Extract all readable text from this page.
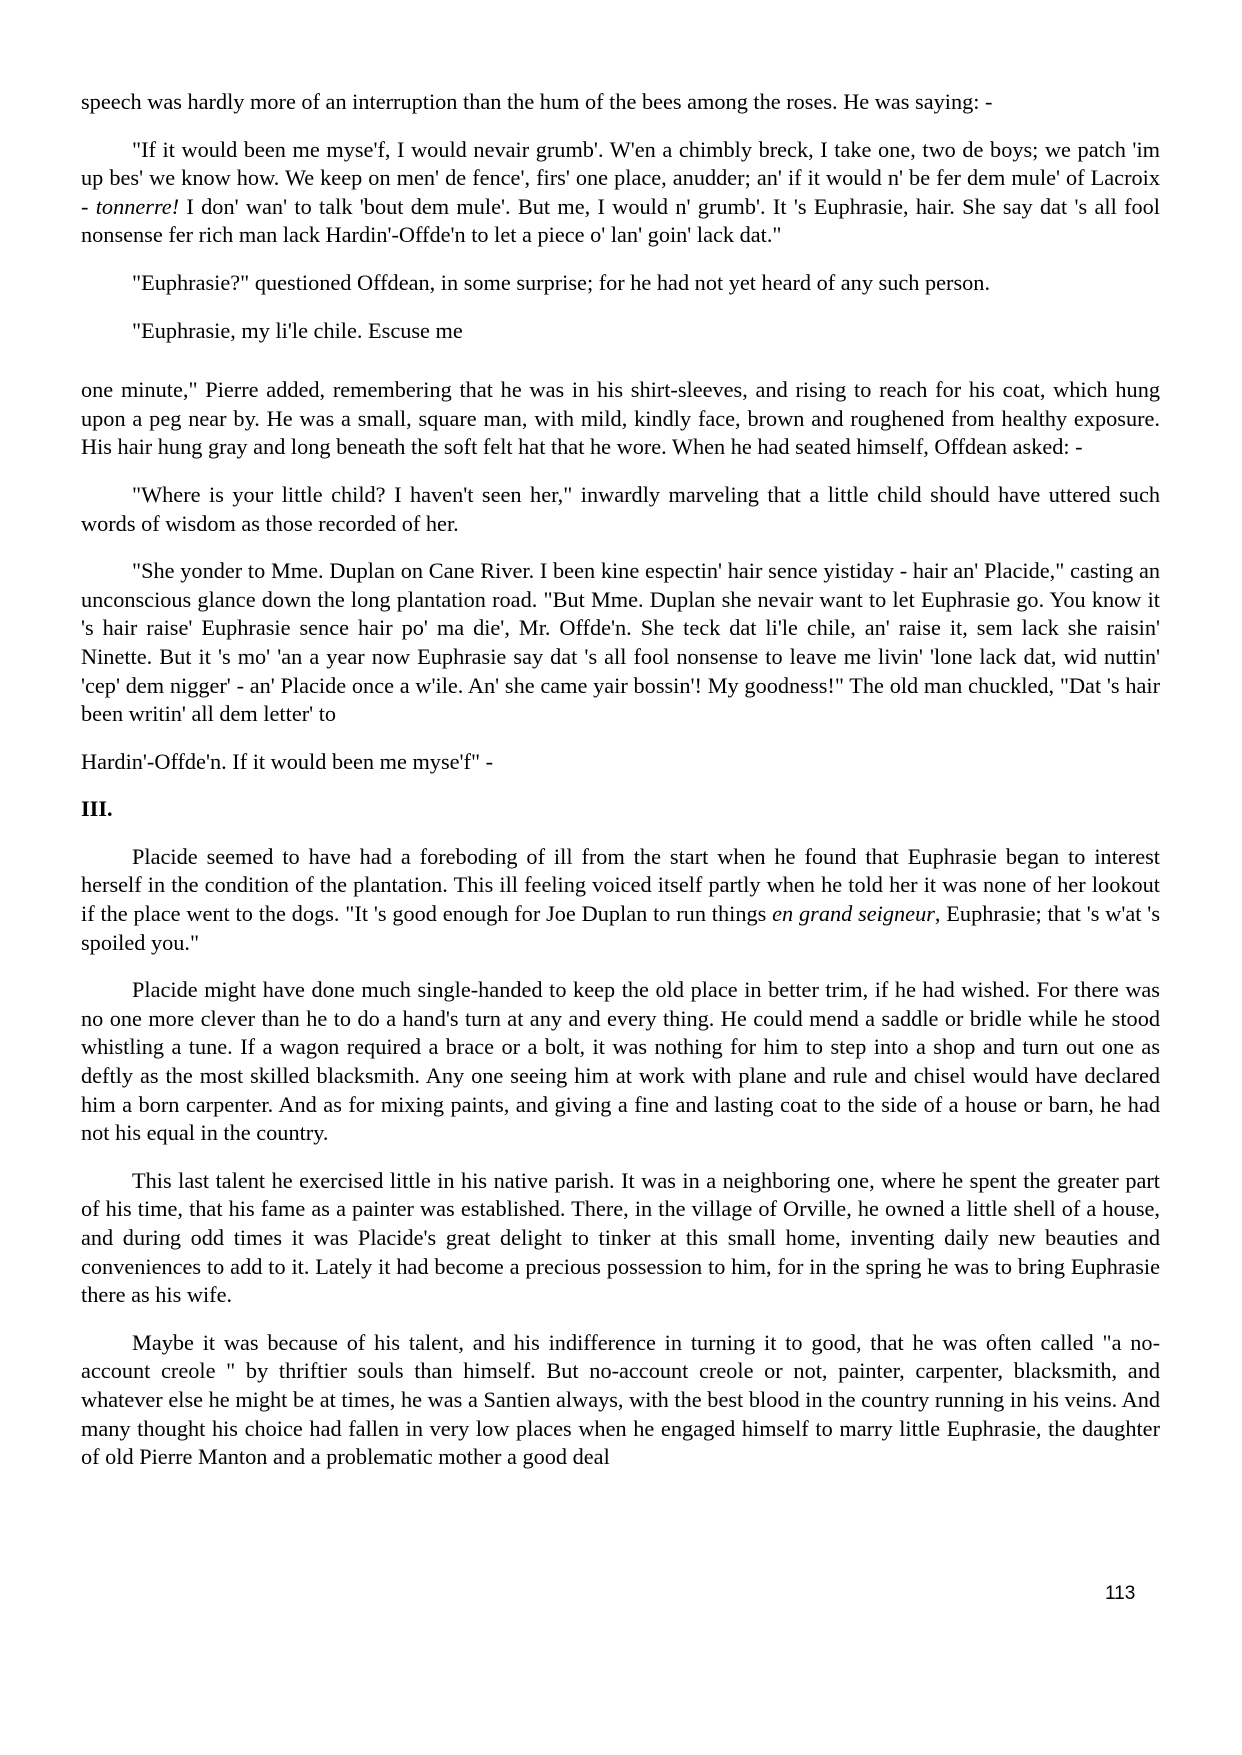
speech was hardly more of an interruption than the hum of the bees among the roses. He was saying: -

"If it would been me myse'f, I would nevair grumb'. W'en a chimbly breck, I take one, two de boys; we patch 'im up bes' we know how. We keep on men' de fence', firs' one place, anudder; an' if it would n' be fer dem mule' of Lacroix - tonnerre! I don' wan' to talk 'bout dem mule'. But me, I would n' grumb'. It 's Euphrasie, hair. She say dat 's all fool nonsense fer rich man lack Hardin'-Offde'n to let a piece o' lan' goin' lack dat."

"Euphrasie?" questioned Offdean, in some surprise; for he had not yet heard of any such person.

"Euphrasie, my li'le chile. Escuse me

one minute," Pierre added, remembering that he was in his shirt-sleeves, and rising to reach for his coat, which hung upon a peg near by. He was a small, square man, with mild, kindly face, brown and roughened from healthy exposure. His hair hung gray and long beneath the soft felt hat that he wore. When he had seated himself, Offdean asked: -

"Where is your little child? I haven't seen her," inwardly marveling that a little child should have uttered such words of wisdom as those recorded of her.

"She yonder to Mme. Duplan on Cane River. I been kine espectin' hair sence yistiday - hair an' Placide," casting an unconscious glance down the long plantation road. "But Mme. Duplan she nevair want to let Euphrasie go. You know it 's hair raise' Euphrasie sence hair po' ma die', Mr. Offde'n. She teck dat li'le chile, an' raise it, sem lack she raisin' Ninette. But it 's mo' 'an a year now Euphrasie say dat 's all fool nonsense to leave me livin' 'lone lack dat, wid nuttin' 'cep' dem nigger' - an' Placide once a w'ile. An' she came yair bossin'! My goodness!" The old man chuckled, "Dat 's hair been writin' all dem letter' to

Hardin'-Offde'n. If it would been me myse'f" -

III.

Placide seemed to have had a foreboding of ill from the start when he found that Euphrasie began to interest herself in the condition of the plantation. This ill feeling voiced itself partly when he told her it was none of her lookout if the place went to the dogs. "It 's good enough for Joe Duplan to run things en grand seigneur, Euphrasie; that 's w'at 's spoiled you."

Placide might have done much single-handed to keep the old place in better trim, if he had wished. For there was no one more clever than he to do a hand's turn at any and every thing. He could mend a saddle or bridle while he stood whistling a tune. If a wagon required a brace or a bolt, it was nothing for him to step into a shop and turn out one as deftly as the most skilled blacksmith. Any one seeing him at work with plane and rule and chisel would have declared him a born carpenter. And as for mixing paints, and giving a fine and lasting coat to the side of a house or barn, he had not his equal in the country.

This last talent he exercised little in his native parish. It was in a neighboring one, where he spent the greater part of his time, that his fame as a painter was established. There, in the village of Orville, he owned a little shell of a house, and during odd times it was Placide's great delight to tinker at this small home, inventing daily new beauties and conveniences to add to it. Lately it had become a precious possession to him, for in the spring he was to bring Euphrasie there as his wife.

Maybe it was because of his talent, and his indifference in turning it to good, that he was often called "a no-account creole " by thriftier souls than himself. But no-account creole or not, painter, carpenter, blacksmith, and whatever else he might be at times, he was a Santien always, with the best blood in the country running in his veins. And many thought his choice had fallen in very low places when he engaged himself to marry little Euphrasie, the daughter of old Pierre Manton and a problematic mother a good deal

113
